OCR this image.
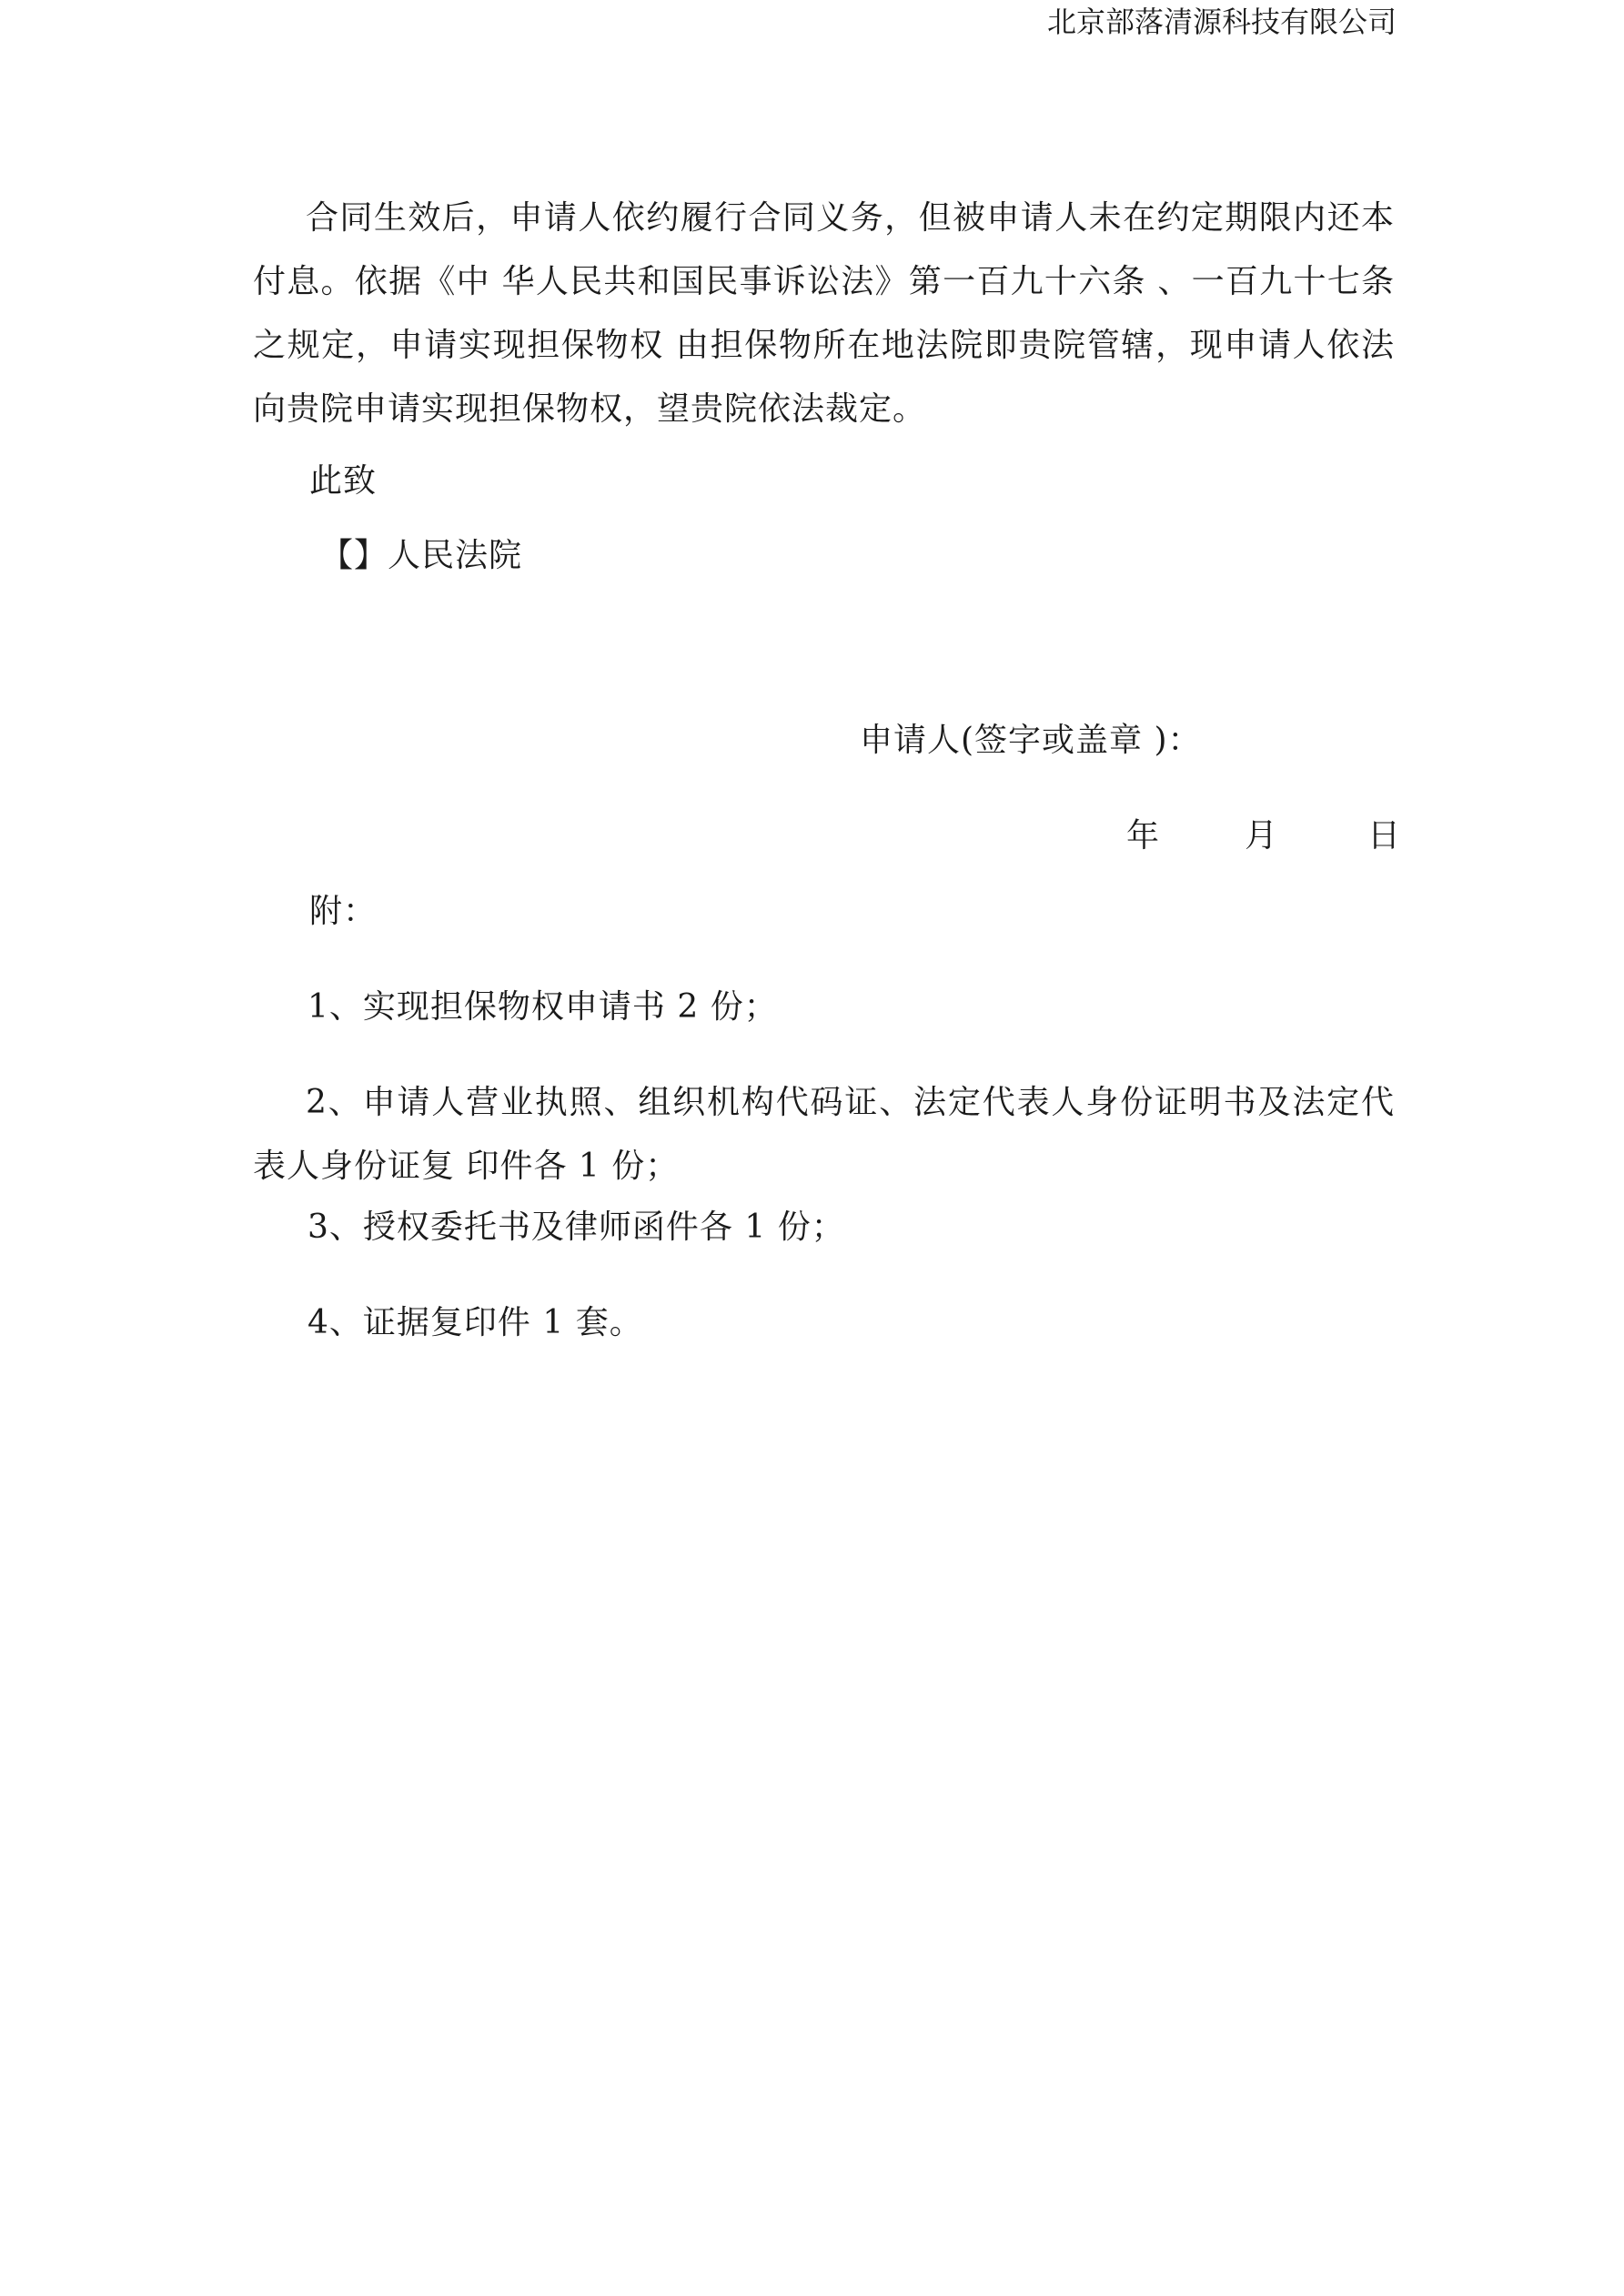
北京部落清源科技有限公司
合同生效后，申请人依约履行合同义务，但被申请人未在约定期限内还本付息。依据《中 华人民共和国民事诉讼法》第一百九十六条 、一百九十七条 之规定，申请实现担保物权 由担保物所在地法院即贵院管辖，现申请人依法向贵院申请实现担保物权，望贵院依法裁定。
此致
【】人民法院
申请人(签字或盖章 )：
年	月	日
附：
1、实现担保物权申请书 2 份；
2、申请人营业执照、组织机构代码证、法定代表人身份证明书及法定代表人身份证复 印件各 1 份；
3、授权委托书及律师函件各 1 份；
4、证据复印件 1 套。
